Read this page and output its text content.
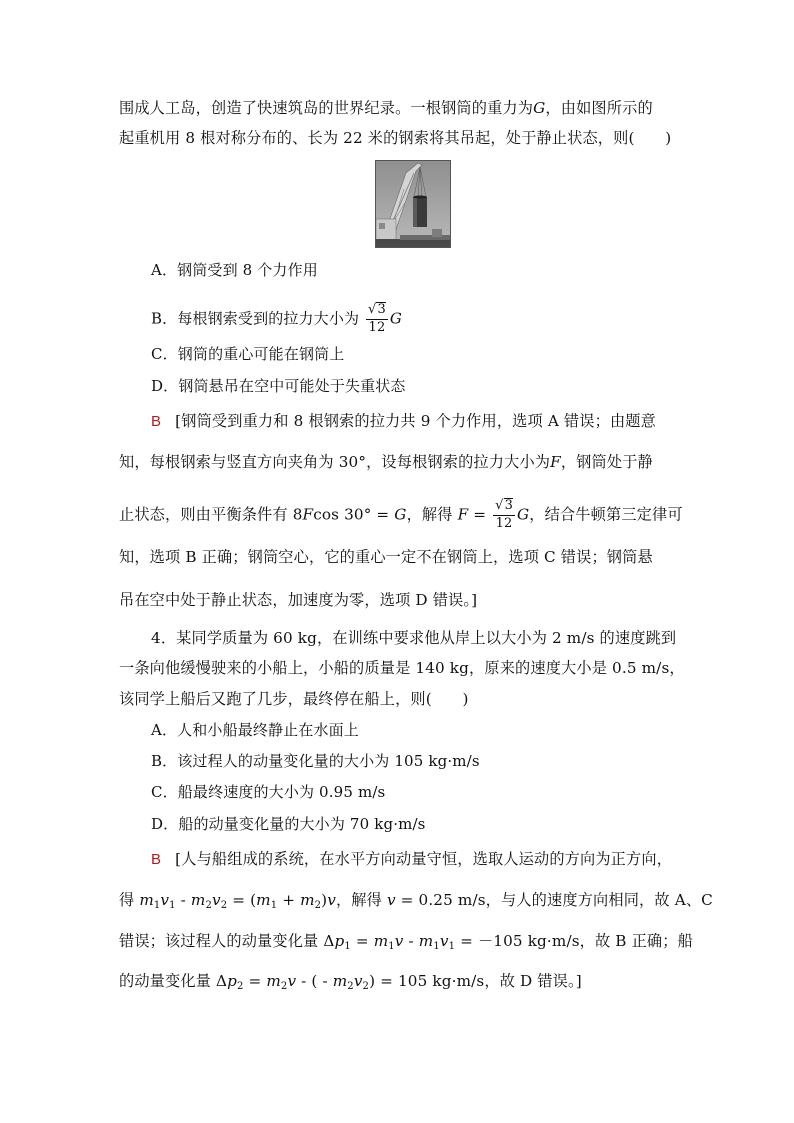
围成人工岛，创造了快速筑岛的世界纪录。一根钢筒的重力为G，由如图所示的
起重机用 8 根对称分布的、长为 22 米的钢索将其吊起，处于静止状态，则(　　)
A．钢筒受到 8 个力作用
B．每根钢索受到的拉力大小为 $\frac{√3}{12}$ G
C．钢筒的重心可能在钢筒上
D．钢筒悬吊在空中可能处于失重状态
B [钢筒受到重力和 8 根钢索的拉力共 9 个力作用，选项 A 错误；由题意
知，每根钢索与竖直方向夹角为 30°，设每根钢索的拉力大小为F，钢筒处于静
止状态，则由平衡条件有 8Fcos 30° = G，解得 $F = \frac{√3}{12}$ G，结合牛顿第三定律可
知，选项 B 正确；钢筒空心，它的重心一定不在钢筒上，选项 C 错误；钢筒悬
吊在空中处于静止状态，加速度为零，选项 D 错误。]
4．某同学质量为 60 kg，在训练中要求他从岸上以大小为 2 m/s 的速度跳到
一条向他缓慢驶来的小船上，小船的质量是 140 kg，原来的速度大小是 0.5 m/s，
该同学上船后又跑了几步，最终停在船上，则(　　)
A．人和小船最终静止在水面上
B．该过程人的动量变化量的大小为 105 kg·m/s
C．船最终速度的大小为 0.95 m/s
D．船的动量变化量的大小为 70 kg·m/s
B [人与船组成的系统，在水平方向动量守恒，选取人运动的方向为正方向，
得 $m_1v_1 - m_2v_2 = (m_1 + m_2)v$，解得 v = 0.25 m/s，与人的速度方向相同，故 A、C
错误；该过程人的动量变化量 $\Delta p_1 = m_1v - m_1v_1 = -105$ kg·m/s，故 B 正确；船
的动量变化量 $\Delta p_2 = m_2v$ - ( - $m_2v_2) = 105$ kg·m/s，故 D 错误。]
